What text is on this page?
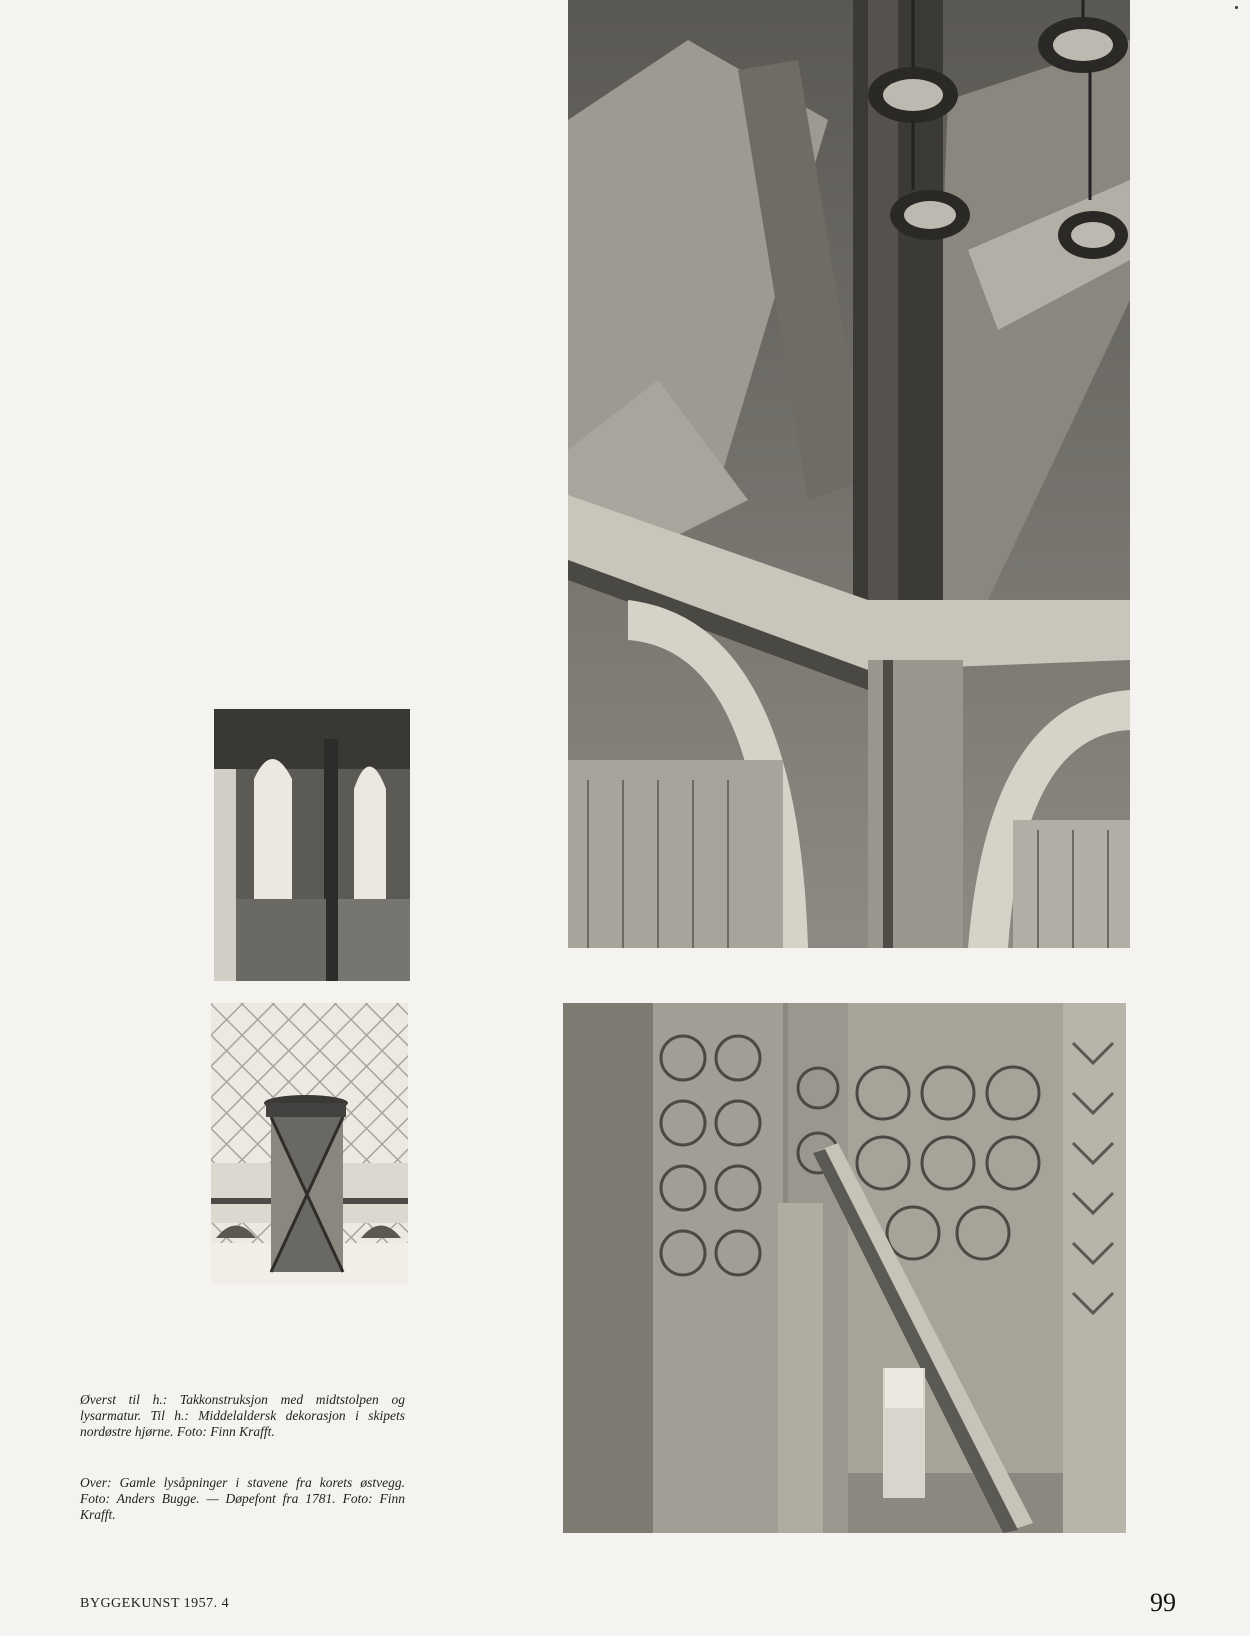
Øverst til h.: Takkonstruksjon med midtstolpen og lysarmatur. Til h.: Middelaldersk dekorasjon i skipets nordøstre hjørne. Foto: Finn Krafft.
Over: Gamle lysåpninger i stavene fra korets østvegg. Foto: Anders Bugge. — Døpefont fra 1781. Foto: Finn Krafft.
BYGGEKUNST 1957. 4	99
